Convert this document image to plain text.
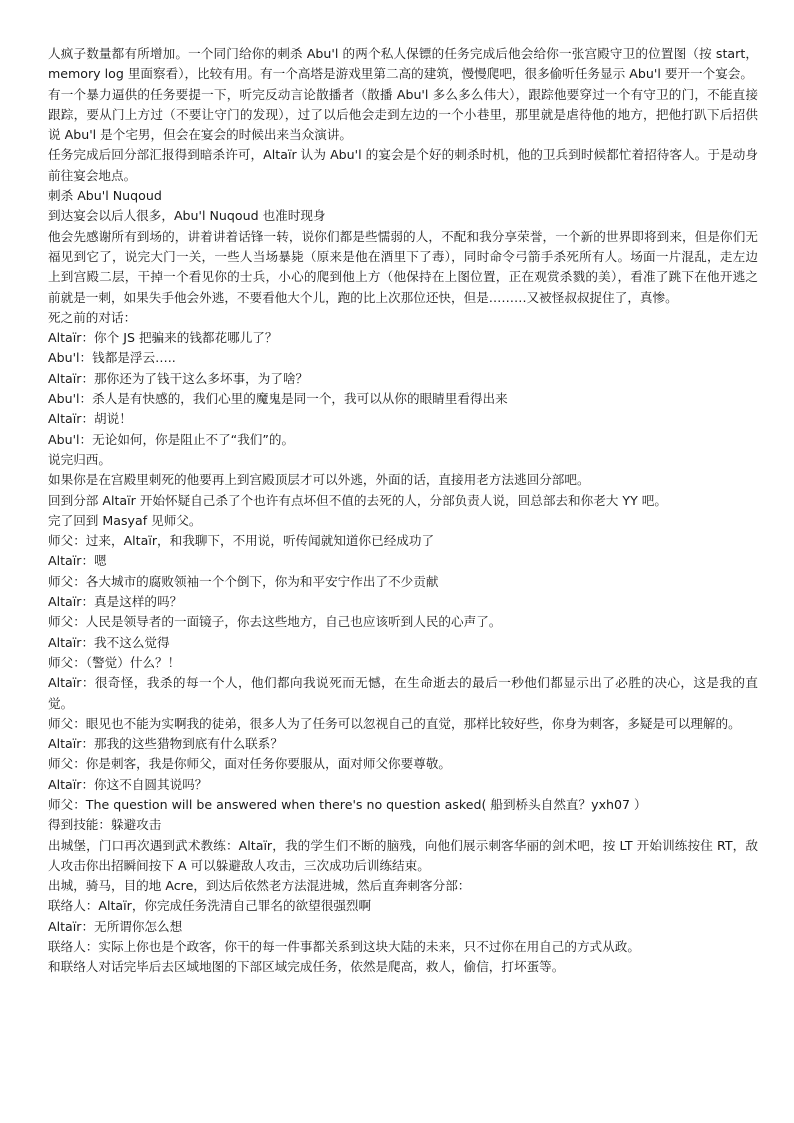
人疯子数量都有所增加。一个同门给你的刺杀 Abu'l 的两个私人保镖的任务完成后他会给你一张宫殿守卫的位置图（按 start，memory log 里面察看），比较有用。有一个高塔是游戏里第二高的建筑，慢慢爬吧，很多偷听任务显示 Abu'l 要开一个宴会。

有一个暴力逼供的任务要提一下，听完反动言论散播者（散播 Abu'l 多么多么伟大），跟踪他要穿过一个有守卫的门，不能直接跟踪，要从门上方过（不要让守门的发现），过了以后他会走到左边的一个小巷里，那里就是虐待他的地方，把他打趴下后招供说 Abu'l 是个宅男，但会在宴会的时候出来当众演讲。

任务完成后回分部汇报得到暗杀许可，Altaïr 认为 Abu'l 的宴会是个好的刺杀时机，他的卫兵到时候都忙着招待客人。于是动身前往宴会地点。

刺杀 Abu'l Nuqoud

到达宴会以后人很多，Abu'l Nuqoud 也准时现身

他会先感谢所有到场的，讲着讲着话锋一转，说你们都是些懦弱的人，不配和我分享荣誉，一个新的世界即将到来，但是你们无福见到它了，说完大门一关，一些人当场暴毙（原来是他在酒里下了毒），同时命令弓箭手杀死所有人。场面一片混乱，走左边上到宫殿二层，干掉一个看见你的士兵，小心的爬到他上方（他保持在上图位置，正在观赏杀戮的美），看准了跳下在他开逃之前就是一刺，如果失手他会外逃，不要看他大个儿，跑的比上次那位还快，但是………又被怪叔叔捉住了，真惨。

死之前的对话：

Altaïr：你个 JS 把骗来的钱都花哪儿了？

Abu'l：钱都是浮云…..

Altaïr：那你还为了钱干这么多坏事，为了啥？

Abu'l：杀人是有快感的，我们心里的魔鬼是同一个，我可以从你的眼睛里看得出来

Altaïr：胡说！

Abu'l：无论如何，你是阻止不了“我们”的。

说完归西。

如果你是在宫殿里刺死的他要再上到宫殿顶层才可以外逃，外面的话，直接用老方法逃回分部吧。

回到分部 Altaïr 开始怀疑自己杀了个也许有点坏但不值的去死的人，分部负责人说，回总部去和你老大 YY 吧。

完了回到 Masyaf 见师父。

师父：过来，Altaïr，和我聊下，不用说，听传闻就知道你已经成功了

Altaïr：嗯

师父：各大城市的腐败领袖一个个倒下，你为和平安宁作出了不少贡献

Altaïr：真是这样的吗？

师父：人民是领导者的一面镜子，你去这些地方，自己也应该听到人民的心声了。

Altaïr：我不这么觉得

师父：（警觉）什么？！

Altaïr：很奇怪，我杀的每一个人，他们都向我说死而无憾，在生命逝去的最后一秒他们都显示出了必胜的决心，这是我的直觉。

师父：眼见也不能为实啊我的徒弟，很多人为了任务可以忽视自己的直觉，那样比较好些，你身为刺客，多疑是可以理解的。

Altaïr：那我的这些猎物到底有什么联系？

师父：你是刺客，我是你师父，面对任务你要服从，面对师父你要尊敬。

Altaïr：你这不自圆其说吗？

师父：The question will be answered when there's no question asked( 船到桥头自然直？yxh07 ）

得到技能：躲避攻击

出城堡，门口再次遇到武术教练：Altaïr，我的学生们不断的脑残，向他们展示刺客华丽的剑术吧，按 LT 开始训练按住 RT，敌人攻击你出招瞬间按下 A 可以躲避敌人攻击，三次成功后训练结束。

出城，骑马，目的地 Acre，到达后依然老方法混进城，然后直奔刺客分部：

联络人：Altaïr，你完成任务洗清自己罪名的欲望很强烈啊

Altaïr：无所谓你怎么想

联络人：实际上你也是个政客，你干的每一件事都关系到这块大陆的未来，只不过你在用自己的方式从政。

和联络人对话完毕后去区域地图的下部区域完成任务，依然是爬高，救人，偷信，打坏蛋等。
